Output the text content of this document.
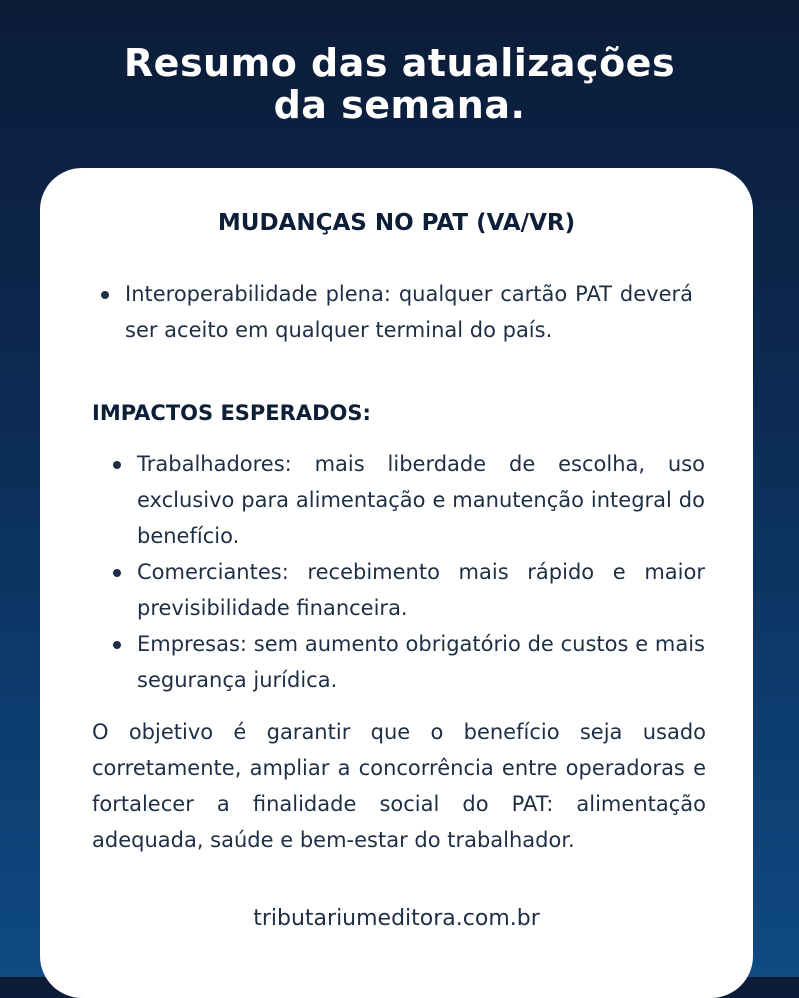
Resumo das atualizações
da semana.
MUDANÇAS NO PAT (VA/VR)
Interoperabilidade plena: qualquer cartão PAT deverá ser aceito em qualquer terminal do país.
IMPACTOS ESPERADOS:
Trabalhadores: mais liberdade de escolha, uso exclusivo para alimentação e manutenção integral do benefício.
Comerciantes: recebimento mais rápido e maior previsibilidade financeira.
Empresas: sem aumento obrigatório de custos e mais segurança jurídica.
O objetivo é garantir que o benefício seja usado corretamente, ampliar a concorrência entre operadoras e fortalecer a finalidade social do PAT: alimentação adequada, saúde e bem-estar do trabalhador.
tributariumeditora.com.br
